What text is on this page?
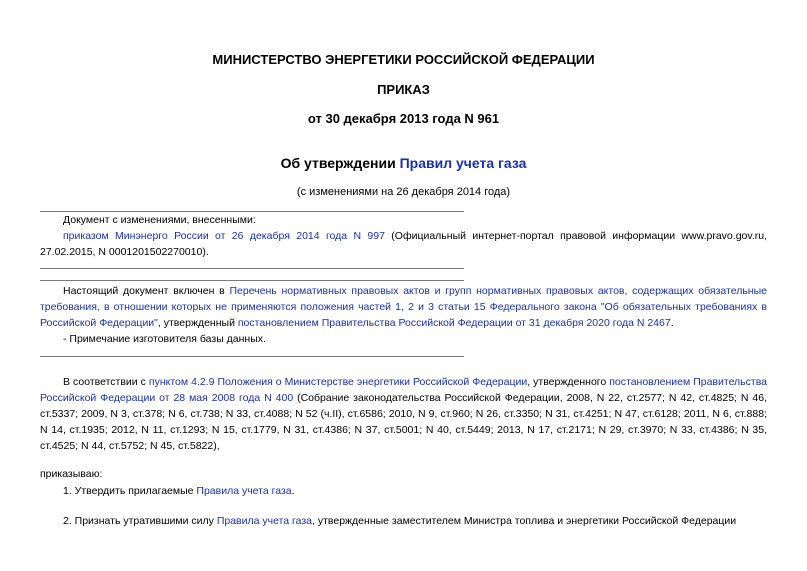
МИНИСТЕРСТВО ЭНЕРГЕТИКИ РОССИЙСКОЙ ФЕДЕРАЦИИ
ПРИКАЗ
от 30 декабря 2013 года N 961
Об утверждении Правил учета газа
(с изменениями на 26 декабря 2014 года)

Документ с изменениями, внесенными:

приказом Минэнерго России от 26 декабря 2014 года N 997 (Официальный интернет-портал правовой информации www.pravo.gov.ru, 27.02.2015, N 0001201502270010).

Настоящий документ включен в Перечень нормативных правовых актов и групп нормативных правовых актов, содержащих обязательные требования, в отношении которых не применяются положения частей 1, 2 и 3 статьи 15 Федерального закона "Об обязательных требованиях в Российской Федерации", утвержденный постановлением Правительства Российской Федерации от 31 декабря 2020 года N 2467.

- Примечание изготовителя базы данных.

В соответствии с пунктом 4.2.9 Положения о Министерстве энергетики Российской Федерации, утвержденного постановлением Правительства Российской Федерации от 28 мая 2008 года N 400 (Собрание законодательства Российской Федерации, 2008, N 22, ст.2577; N 42, ст.4825; N 46, ст.5337; 2009, N 3, ст.378; N 6, ст.738; N 33, ст.4088; N 52 (ч.II), ст.6586; 2010, N 9, ст.960; N 26, ст.3350; N 31, ст.4251; N 47, ст.6128; 2011, N 6, ст.888; N 14, ст.1935; 2012, N 11, ст.1293; N 15, ст.1779, N 31, ст.4386; N 37, ст.5001; N 40, ст.5449; 2013, N 17, ст.2171; N 29, ст.3970; N 33, ст.4386; N 35, ст.4525; N 44, ст.5752; N 45, ст.5822),

приказываю:

1. Утвердить прилагаемые Правила учета газа.

2. Признать утратившими силу Правила учета газа, утвержденные заместителем Министра топлива и энергетики Российской Федерации
